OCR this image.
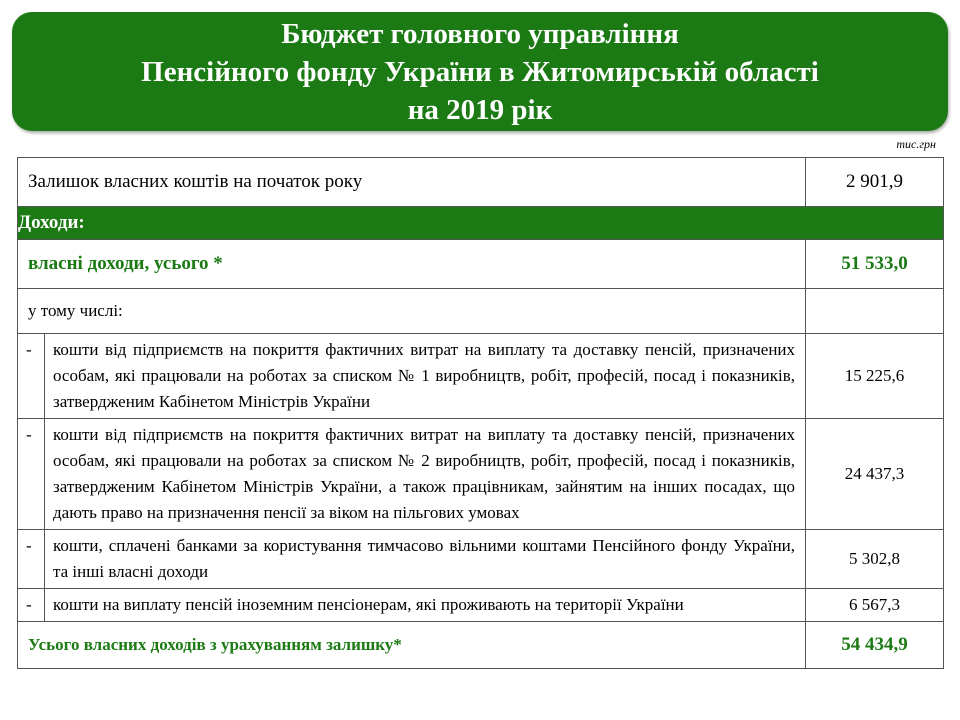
Бюджет головного управління
Пенсійного фонду України в Житомирській області
на 2019 рік
тис.грн
Залишок власних коштів на початок року		2 901,9
Доходи:		
власні доходи, усього *		51 533,0
у тому числі:		
-	кошти від підприємств на покриття фактичних витрат на виплату та доставку пенсій, призначених особам, які працювали на роботах за списком № 1 виробництв, робіт, професій, посад і показників, затвердженим Кабінетом Міністрів України	15 225,6
-	кошти від підприємств на покриття фактичних витрат на виплату та доставку пенсій, призначених особам, які працювали на роботах за списком № 2 виробництв, робіт, професій, посад і показників, затвердженим Кабінетом Міністрів України, а також працівникам, зайнятим на інших посадах, що дають право на призначення пенсії за віком на пільгових умовах	24 437,3
-	кошти, сплачені банками за користування тимчасово вільними коштами Пенсійного фонду України, та інші власні доходи	5 302,8
-	кошти на виплату пенсій іноземним пенсіонерам, які проживають на території України	6 567,3
Усього власних доходів з урахуванням залишку*		54 434,9
